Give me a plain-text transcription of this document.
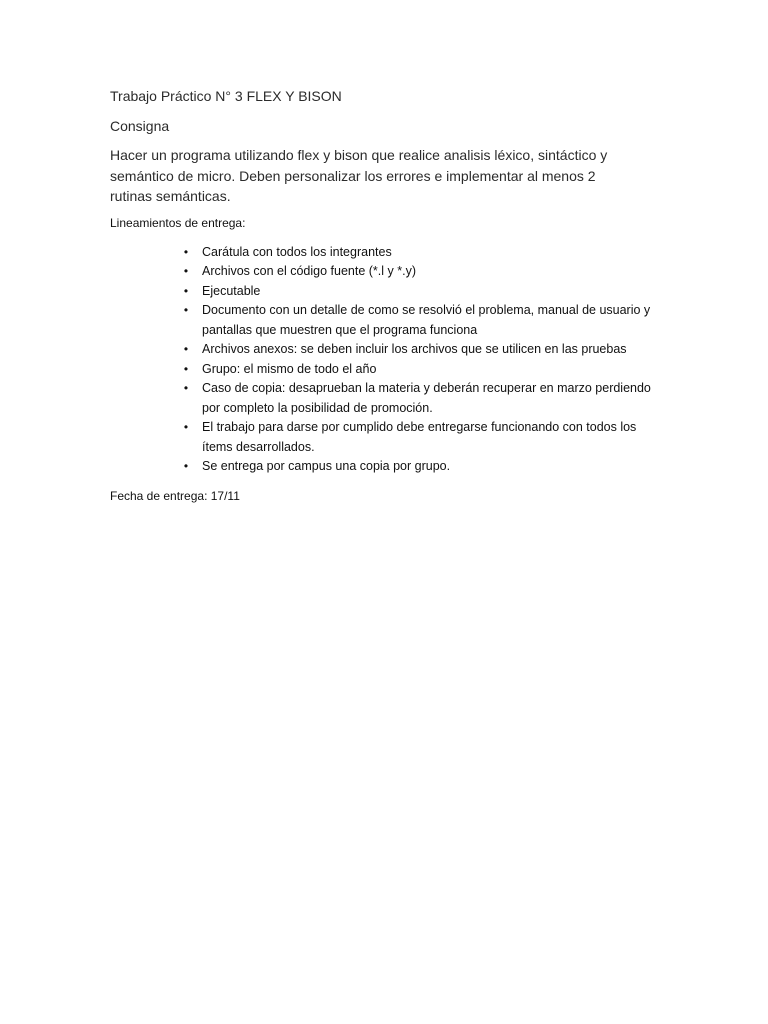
Trabajo Práctico N° 3 FLEX Y BISON

Consigna

Hacer un programa utilizando flex y bison que realice analisis léxico, sintáctico y semántico de micro. Deben personalizar los errores e implementar al menos 2 rutinas semánticas.

Lineamientos de entrega:

• Carátula con todos los integrantes
• Archivos con el código fuente (*.l y *.y)
• Ejecutable
• Documento con un detalle de como se resolvió el problema, manual de usuario y pantallas que muestren que el programa funciona
• Archivos anexos: se deben incluir los archivos que se utilicen en las pruebas
• Grupo: el mismo de todo el año
• Caso de copia: desaprueban la materia y deberán recuperar en marzo perdiendo por completo la posibilidad de promoción.
• El trabajo para darse por cumplido debe entregarse funcionando con todos los ítems desarrollados.
• Se entrega por campus una copia por grupo.

Fecha de entrega: 17/11
